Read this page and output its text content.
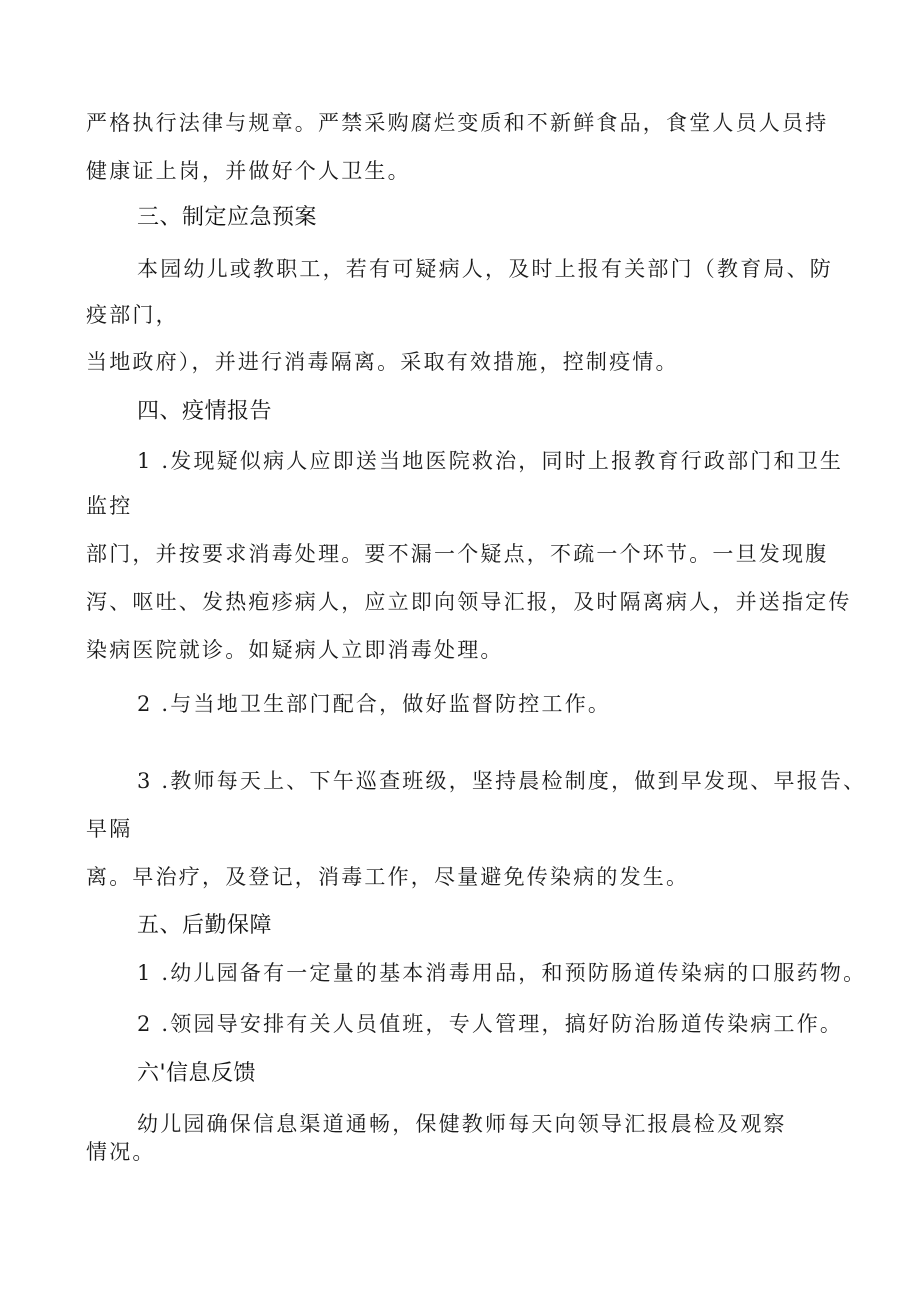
严格执行法律与规章。严禁采购腐烂变质和不新鲜食品，食堂人员人员持
健康证上岗，并做好个人卫生。
三、制定应急预案
本园幼儿或教职工，若有可疑病人，及时上报有关部门（教育局、防
疫部门，
当地政府），并进行消毒隔离。采取有效措施，控制疫情。
四、疫情报告
1 .发现疑似病人应即送当地医院救治，同时上报教育行政部门和卫生
监控
部门，并按要求消毒处理。要不漏一个疑点，不疏一个环节。一旦发现腹
泻、呕吐、发热疱疹病人，应立即向领导汇报，及时隔离病人，并送指定传
染病医院就诊。如疑病人立即消毒处理。
2 .与当地卫生部门配合，做好监督防控工作。
3 .教师每天上、下午巡查班级，坚持晨检制度，做到早发现、早报告、
早隔
离。早治疗，及登记，消毒工作，尽量避免传染病的发生。
五、后勤保障
1 .幼儿园备有一定量的基本消毒用品，和预防肠道传染病的口服药物。
2 .领园导安排有关人员值班，专人管理，搞好防治肠道传染病工作。
六'信息反馈
幼儿园确保信息渠道通畅，保健教师每天向领导汇报晨检及观察
情况。
